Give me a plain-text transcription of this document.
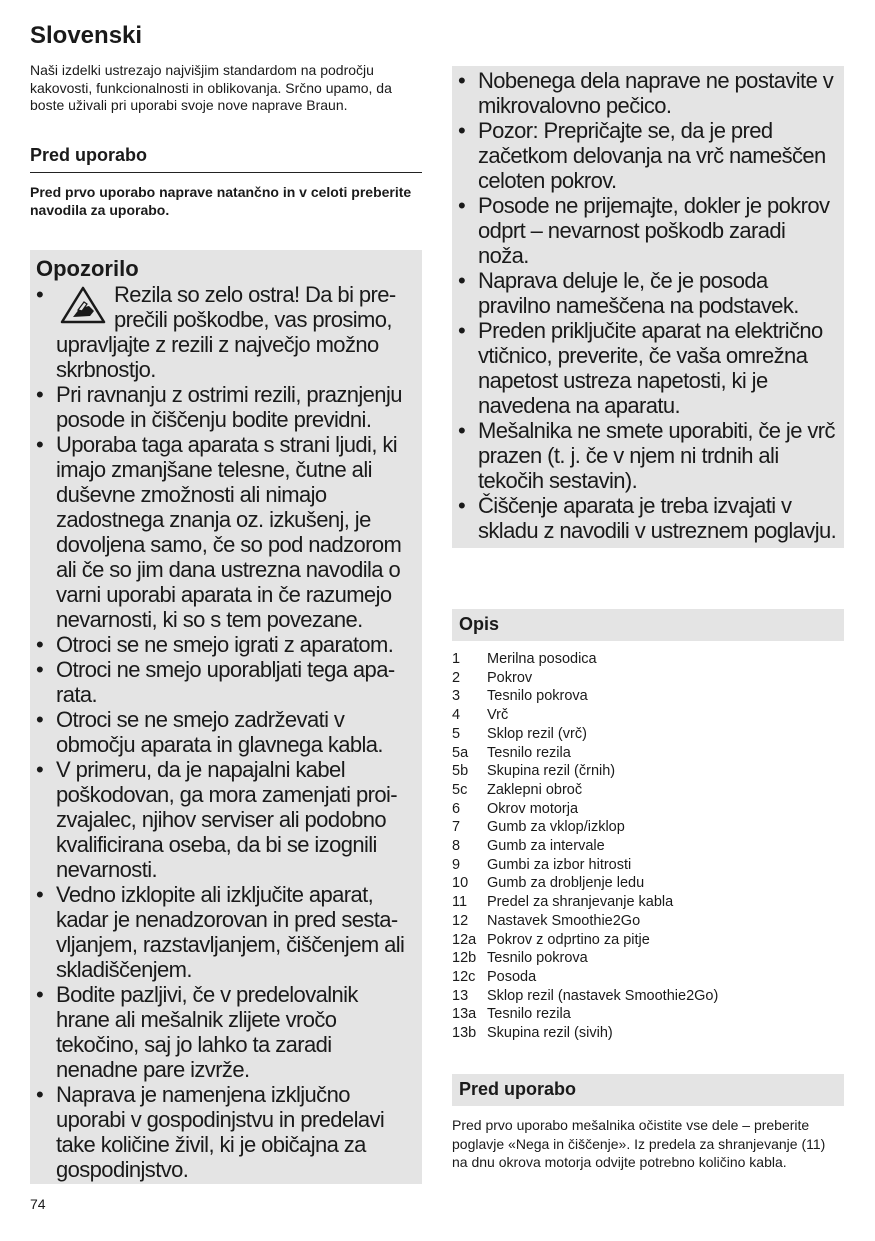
Slovenski

Naši izdelki ustrezajo najvišjim standardom na področju kakovosti, funkcionalnosti in oblikovanja. Srčno upamo, da boste uživali pri uporabi svoje nove naprave Braun.

Pred uporabo
Pred prvo uporabo naprave natančno in v celoti preberite navodila za uporabo.
Opozorilo
•	Rezila so zelo ostra! Da bi preprečili poškodbe, vas prosimo, upravljajte z rezili z največjo možno skrbnostjo.
• Pri ravnanju z ostrimi rezili, praznjenju posode in čiščenju bodite previdni.
• Uporaba taga aparata s strani ljudi, ki imajo zmanjšane telesne, čutne ali duševne zmožnosti ali nimajo zadostnega znanja oz. izkušenj, je dovoljena samo, če so pod nadzorom ali če so jim dana ustrezna navodila o varni uporabi aparata in če razumejo nevarnosti, ki so s tem povezane.
• Otroci se ne smejo igrati z aparatom.
• Otroci ne smejo uporabljati tega aparata.
• Otroci se ne smejo zadrževati v območju aparata in glavnega kabla.
• V primeru, da je napajalni kabel poškodovan, ga mora zamenjati proizvajalec, njihov serviser ali podobno kvalificirana oseba, da bi se izognili nevarnosti.
• Vedno izklopite ali izključite aparat, kadar je nenadzorovan in pred sestavljanjem, razstavljanjem, čiščenjem ali skladiščenjem.
• Bodite pazljivi, če v predelovalnik hrane ali mešalnik zlijete vročo tekočino, saj jo lahko ta zaradi nenadne pare izvrže.
• Naprava je namenjena izključno uporabi v gospodinjstvu in predelavi take količine živil, ki je običajna za gospodinjstvo.
• Nobenega dela naprave ne postavite v mikrovalovno pečico.
• Pozor: Prepričajte se, da je pred začetkom delovanja na vrč nameščen celoten pokrov.
• Posode ne prijemajte, dokler je pokrov odprt – nevarnost poškodb zaradi noža.
• Naprava deluje le, če je posoda pravilno nameščena na podstavek.
• Preden priključite aparat na električno vtičnico, preverite, če vaša omrežna napetost ustreza napetosti, ki je navedena na aparatu.
• Mešalnika ne smete uporabiti, če je vrč prazen (t. j. če v njem ni trdnih ali tekočih sestavin).
• Čiščenje aparata je treba izvajati v skladu z navodili v ustreznem poglavju.
Opis
1	Merilna posodica
2	Pokrov
3	Tesnilo pokrova
4	Vrč
5	Sklop rezil (vrč)
5a	Tesnilo rezila
5b	Skupina rezil (črnih)
5c	Zaklepni obroč
6	Okrov motorja
7	Gumb za vklop/izklop
8	Gumb za intervale
9	Gumbi za izbor hitrosti
10	Gumb za drobljenje ledu
11	Predel za shranjevanje kabla
12	Nastavek Smoothie2Go
12a Pokrov z odprtino za pitje
12b Tesnilo pokrova
12c Posoda
13	Sklop rezil (nastavek Smoothie2Go)
13a Tesnilo rezila
13b Skupina rezil (sivih)
Pred uporabo
Pred prvo uporabo mešalnika očistite vse dele – preberite poglavje «Nega in čiščenje». Iz predela za shranjevanje (11) na dnu okrova motorja odvijte potrebno količino kabla.
74
